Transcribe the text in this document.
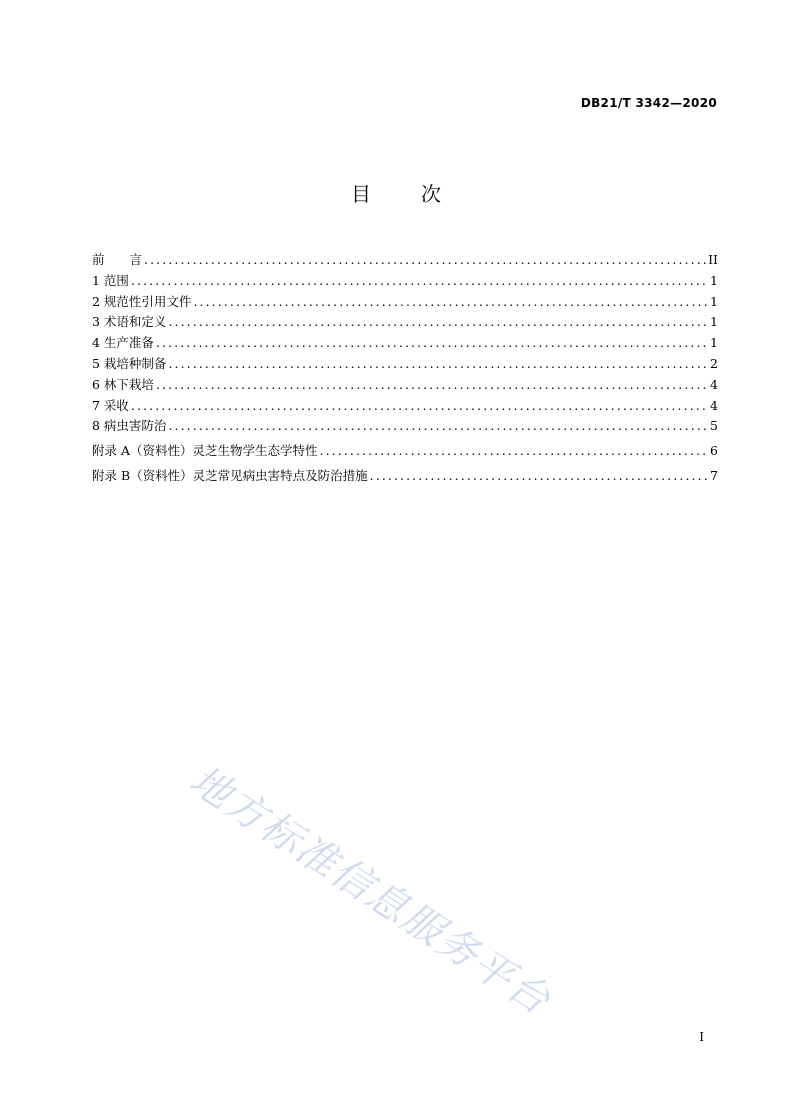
DB21/T 3342—2020
目	次
前　　言 .....	II
1 范围 .....	1
2 规范性引用文件 .....	1
3 术语和定义 .....	1
4 生产准备 .....	1
5 栽培种制备 .....	2
6 林下栽培 .....	4
7 采收 .....	4
8 病虫害防治 .....	5
附录 A（资料性）灵芝生物学生态学特性 .....	6
附录 B（资料性）灵芝常见病虫害特点及防治措施 .....	7
地方标准信息服务平台
I
